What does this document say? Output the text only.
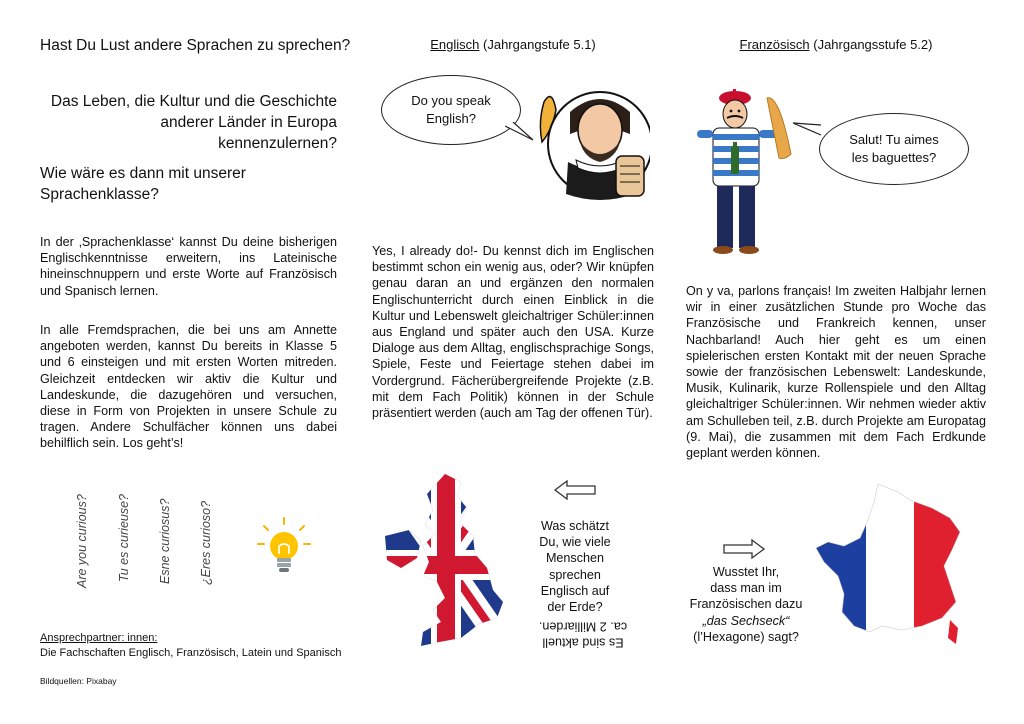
Hast Du Lust andere Sprachen zu sprechen?
Das Leben, die Kultur und die Geschichte anderer Länder in Europa kennenzulernen?
Wie wäre es dann mit unserer Sprachenklasse?
In der ‚Sprachenklasse‘ kannst Du deine bisherigen Englischkenntnisse erweitern, ins Lateinische hineinschnuppern und erste Worte auf Französisch und Spanisch lernen.
In alle Fremdsprachen, die bei uns am Annette angeboten werden, kannst Du bereits in Klasse 5 und 6 einsteigen und mit ersten Worten mitreden. Gleichzeit entdecken wir aktiv die Kultur und Landeskunde, die dazugehören und versuchen, diese in Form von Projekten in unsere Schule zu tragen. Andere Schulfächer können uns dabei behilflich sein. Los geht’s!
Are you curious? Tu es curieuse? Esne curiosus? ¿Eres curioso?
Ansprechpartner: innen:
Die Fachschaften Englisch, Französisch, Latein und Spanisch
Bildquellen: Pixabay
Englisch (Jahrgangstufe 5.1)
Do you speak English?
Yes, I already do!- Du kennst dich im Englischen bestimmt schon ein wenig aus, oder? Wir knüpfen genau daran an und ergänzen den normalen Englischunterricht durch einen Einblick in die Kultur und Lebenswelt gleichaltriger Schüler:innen aus England und später auch den USA. Kurze Dialoge aus dem Alltag, englischsprachige Songs, Spiele, Feste und Feiertage stehen dabei im Vordergrund. Fächerübergreifende Projekte (z.B. mit dem Fach Politik) können in der Schule präsentiert werden (auch am Tag der offenen Tür).
Was schätzt Du, wie viele Menschen sprechen Englisch auf der Erde?
Es sind aktuell
ca. 2 Milliarden.
Französisch (Jahrgangsstufe 5.2)
Salut! Tu aimes les baguettes?
On y va, parlons français! Im zweiten Halbjahr lernen wir in einer zusätzlichen Stunde pro Woche das Französische und Frankreich kennen, unser Nachbarland! Auch hier geht es um einen spielerischen ersten Kontakt mit der neuen Sprache sowie der französischen Lebenswelt: Landeskunde, Musik, Kulinarik, kurze Rollenspiele und den Alltag gleichaltriger Schüler:innen. Wir nehmen wieder aktiv am Schulleben teil, z.B. durch Projekte am Europatag (9. Mai), die zusammen mit dem Fach Erdkunde geplant werden können.
Wusstet Ihr,
dass man im
Französischen dazu
„das Sechseck“
(l’Hexagone) sagt?
